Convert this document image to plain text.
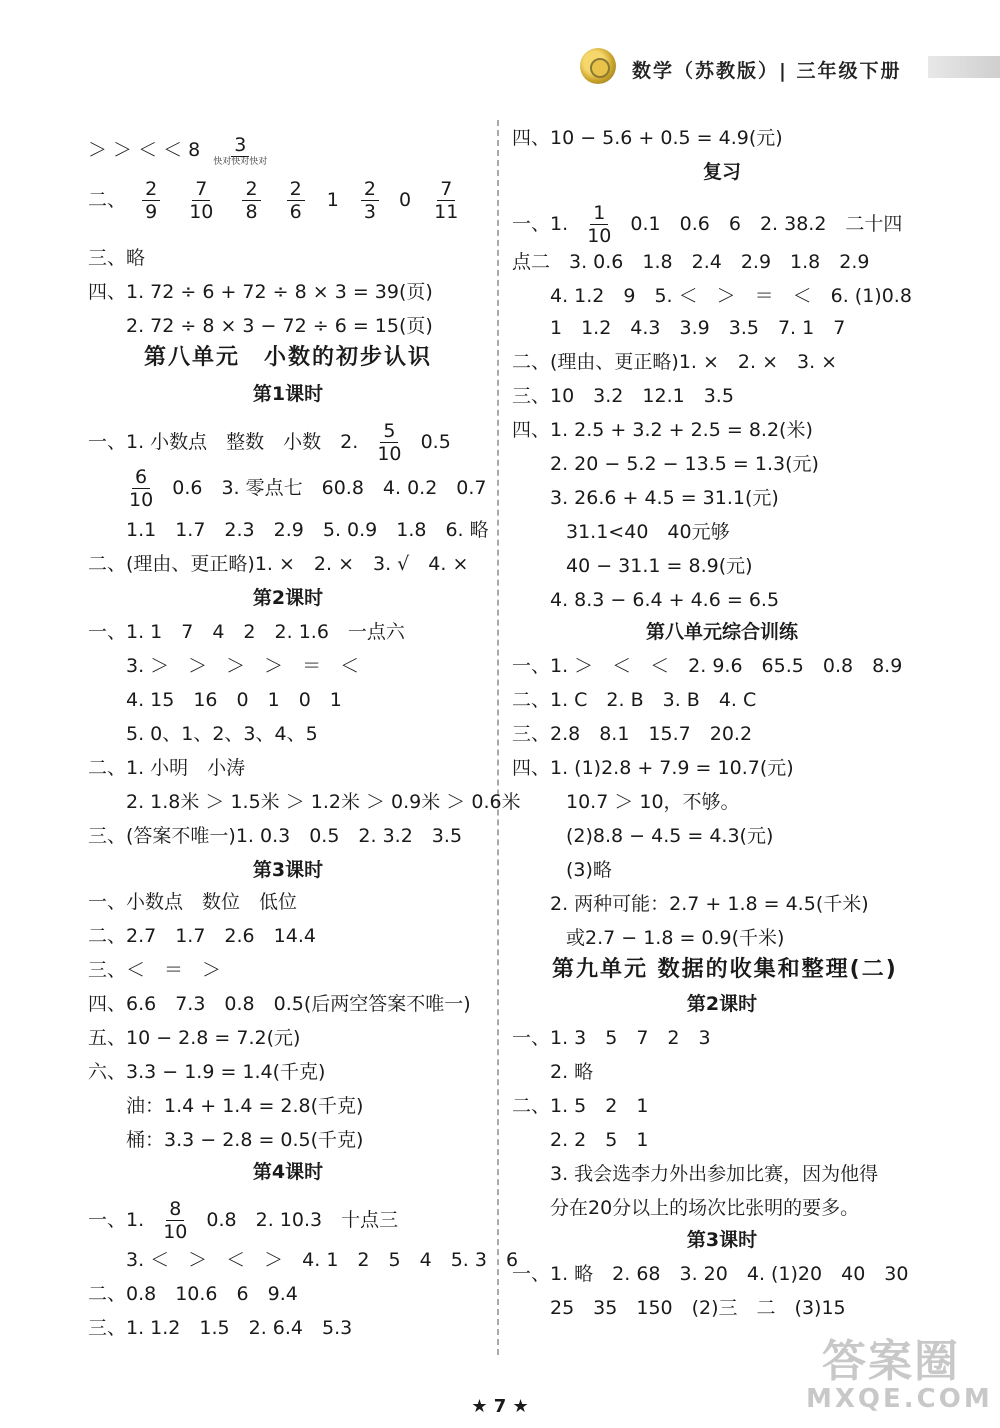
数学（苏教版）| 三年级下册
＞ ＞ ＜ ＜ $8 \frac{3}{\text{快对快对快对}}$
二、 $\frac{2}{9}$
$\frac{7}{10}$
$\frac{2}{8}$
$\frac{2}{6} 1 \frac{2}{3} 0 \frac{7}{11}$
三、略
四、1. 72 ÷ 6 + 72 ÷ 8 × 3 = 39(页)
2. 72 ÷ 8 × 3 − 72 ÷ 6 = 15(页)
第八单元　小数的初步认识
第1课时
一、1. 小数点　整数　小数　2. $\frac{5}{10} 0.5$
$\frac{6}{10} 0.6$　3. 零点七　60.8　4. 0.2　0.7
1.1　1.7　2.3　2.9　5. 0.9　1.8　6. 略
二、(理由、更正略)1. ×　2. ×　3. √　4. ×
第2课时
一、1. 1　7　4　2　2. 1.6　一点六
3. ＞　＞　＞　＞　＝　＜
4. 15　16　0　1　0　1
5. 0、1、2、3、4、5
二、1. 小明　小涛
2. 1.8米 ＞ 1.5米 ＞ 1.2米 ＞ 0.9米 ＞ 0.6米
三、(答案不唯一)1. 0.3　0.5　2. 3.2　3.5
第3课时
一、小数点　数位　低位
二、2.7　1.7　2.6　14.4
三、＜　＝　＞
四、6.6　7.3　0.8　0.5(后两空答案不唯一)
五、10 − 2.8 = 7.2(元)
六、3.3 − 1.9 = 1.4(千克)
油：1.4 + 1.4 = 2.8(千克)
桶：3.3 − 2.8 = 0.5(千克)
第4课时
一、1. $\frac{8}{10} 0.8$　2. 10.3　十点三
3. ＜　＞　＜　＞　4. 1　2　5　4　5. 3　6
二、0.8　10.6　6　9.4
三、1. 1.2　1.5　2. 6.4　5.3
四、10 − 5.6 + 0.5 = 4.9(元)
复习
一、1. $\frac{1}{10} 0.1$　0.6　6　2. 38.2　二十四
点二　3. 0.6　1.8　2.4　2.9　1.8　2.9
4. 1.2　9　5. ＜　＞　＝　＜　6. (1)0.8
1　1.2　4.3　3.9　3.5　7. 1　7
二、(理由、更正略)1. ×　2. ×　3. ×
三、10　3.2　12.1　3.5
四、1. 2.5 + 3.2 + 2.5 = 8.2(米)
2. 20 − 5.2 − 13.5 = 1.3(元)
3. 26.6 + 4.5 = 31.1(元)
31.1<40　40元够
40 − 31.1 = 8.9(元)
4. 8.3 − 6.4 + 4.6 = 6.5
第八单元综合训练
一、1. ＞　＜　＜　2. 9.6　65.5　0.8　8.9
二、1. C　2. B　3. B　4. C
三、2.8　8.1　15.7　20.2
四、1. (1)2.8 + 7.9 = 10.7(元)
10.7 ＞ 10，不够。
(2)8.8 − 4.5 = 4.3(元)
(3)略
2. 两种可能：2.7 + 1.8 = 4.5(千米)
或2.7 − 1.8 = 0.9(千米)
第九单元 数据的收集和整理(二)
第2课时
一、1. 3　5　7　2　3
2. 略
二、1. 5　2　1
2. 2　5　1
3. 我会选李力外出参加比赛，因为他得
分在20分以上的场次比张明的要多。
第3课时
一、1. 略　2. 68　3. 20　4. (1)20　40　30
25　35　150　(2)三　二　(3)15
★ 7 ★
答案圈
MXQE.COM
